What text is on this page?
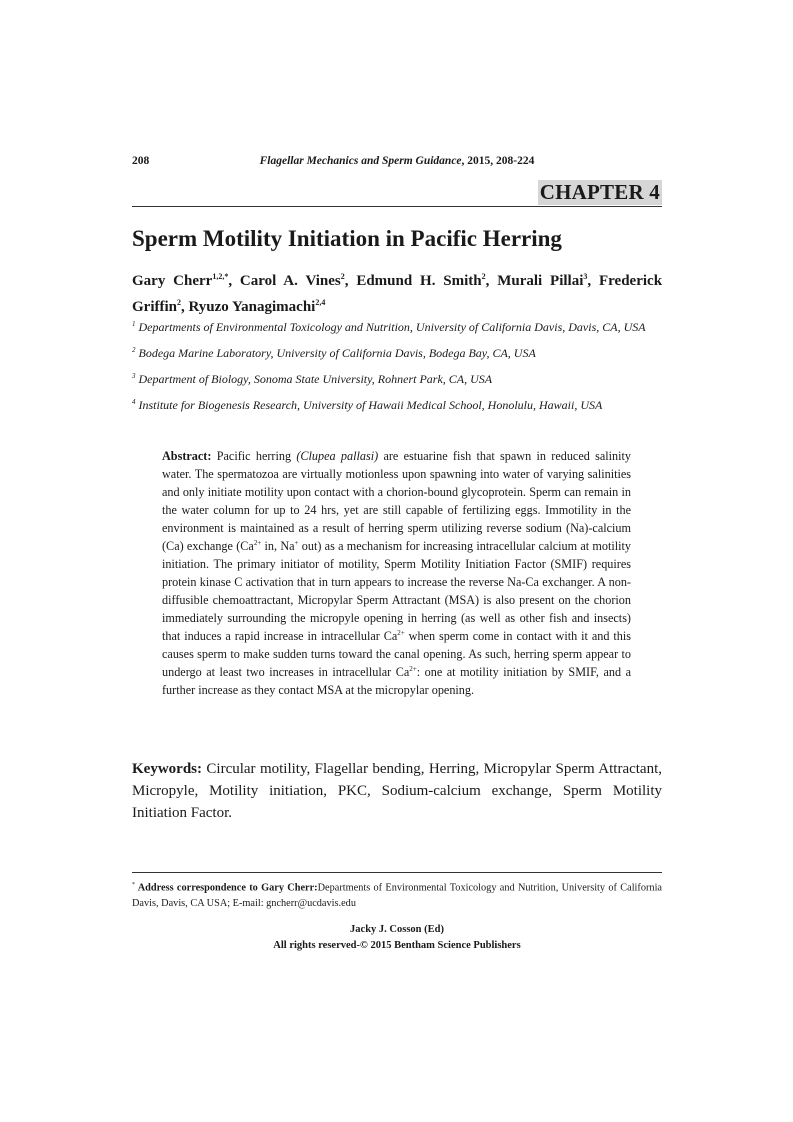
208	Flagellar Mechanics and Sperm Guidance, 2015, 208-224
CHAPTER 4
Sperm Motility Initiation in Pacific Herring
Gary Cherr$^{1,2,*}$, Carol A. Vines$^2$, Edmund H. Smith$^2$, Murali Pillai$^3$, Frederick Griffin$^2$, Ryuzo Yanagimachi$^{2,4}$

$^1$ Departments of Environmental Toxicology and Nutrition, University of California Davis, Davis, CA, USA

$^2$ Bodega Marine Laboratory, University of California Davis, Bodega Bay, CA, USA

$^3$ Department of Biology, Sonoma State University, Rohnert Park, CA, USA

$^4$ Institute for Biogenesis Research, University of Hawaii Medical School, Honolulu, Hawaii, USA

Abstract: Pacific herring (Clupea pallasi) are estuarine fish that spawn in reduced salinity water. The spermatozoa are virtually motionless upon spawning into water of varying salinities and only initiate motility upon contact with a chorion-bound glycoprotein. Sperm can remain in the water column for up to 24 hrs, yet are still capable of fertilizing eggs. Immotility in the environment is maintained as a result of herring sperm utilizing reverse sodium (Na)-calcium (Ca) exchange ($Ca^{2+}$ in, Na+ out) as a mechanism for increasing intracellular calcium at motility initiation. The primary initiator of motility, Sperm Motility Initiation Factor (SMIF) requires protein kinase C activation that in turn appears to increase the reverse Na-Ca exchanger. A non-diffusible chemoattractant, Micropylar Sperm Attractant (MSA) is also present on the chorion immediately surrounding the micropyle opening in herring (as well as other fish and insects) that induces a rapid increase in intracellular $Ca^{2+}$ when sperm come in contact with it and this causes sperm to make sudden turns toward the canal opening. As such, herring sperm appear to undergo at least two increases in intracellular $Ca^{2+}$: one at motility initiation by SMIF, and a further increase as they contact MSA at the micropylar opening.

Keywords: Circular motility, Flagellar bending, Herring, Micropylar Sperm Attractant, Micropyle, Motility initiation, PKC, Sodium-calcium exchange, Sperm Motility Initiation Factor.

* Address correspondence to Gary Cherr:Departments of Environmental Toxicology and Nutrition, University of California Davis, Davis, CA USA; E-mail: gncherr@ucdavis.edu

Jacky J. Cosson (Ed)
All rights reserved-© 2015 Bentham Science Publishers
